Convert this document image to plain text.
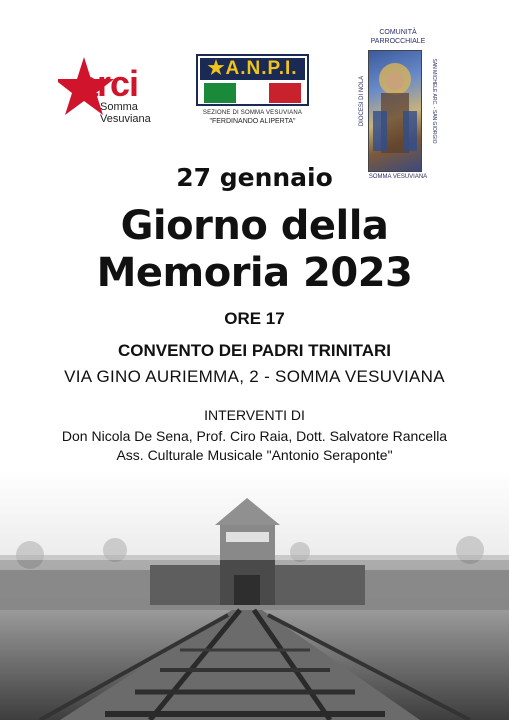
arci
Somma
Vesuviana
★A.N.P.I.
SEZIONE DI SOMMA VESUVIANA
"FERDINANDO ALIPERTA"
COMUNITÀ
PARROCCHIALE
DIOCESI DI NOLA	SAN MICHELE ARC. - SAN GIORGIO
SOMMA VESUVIANA
27 gennaio
Giorno della
Memoria 2023
ORE 17
CONVENTO DEI PADRI TRINITARI
VIA GINO AURIEMMA, 2 - SOMMA VESUVIANA
INTERVENTI DI
Don Nicola De Sena, Prof. Ciro Raia, Dott. Salvatore Rancella
Ass. Culturale Musicale "Antonio Seraponte"
